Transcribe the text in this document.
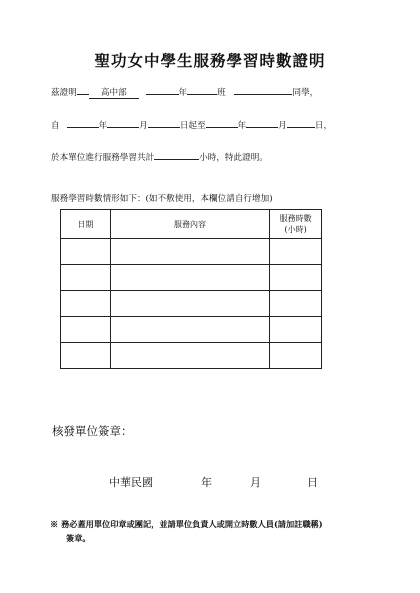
聖功女中學生服務學習時數證明
茲證明	高中部	年	班	同學，
自	年	月	日起至	年	月	日，
於本單位進行服務學習共計	小時，特此證明。
服務學習時數情形如下：(如不敷使用，本欄位請自行增加)
日期	服務內容	服務時數
(小時)

核發單位簽章：
中華民國	年	月	日
※ 務必蓋用單位印章或團記，並請單位負責人或開立時數人員(請加註職稱)
簽章。
